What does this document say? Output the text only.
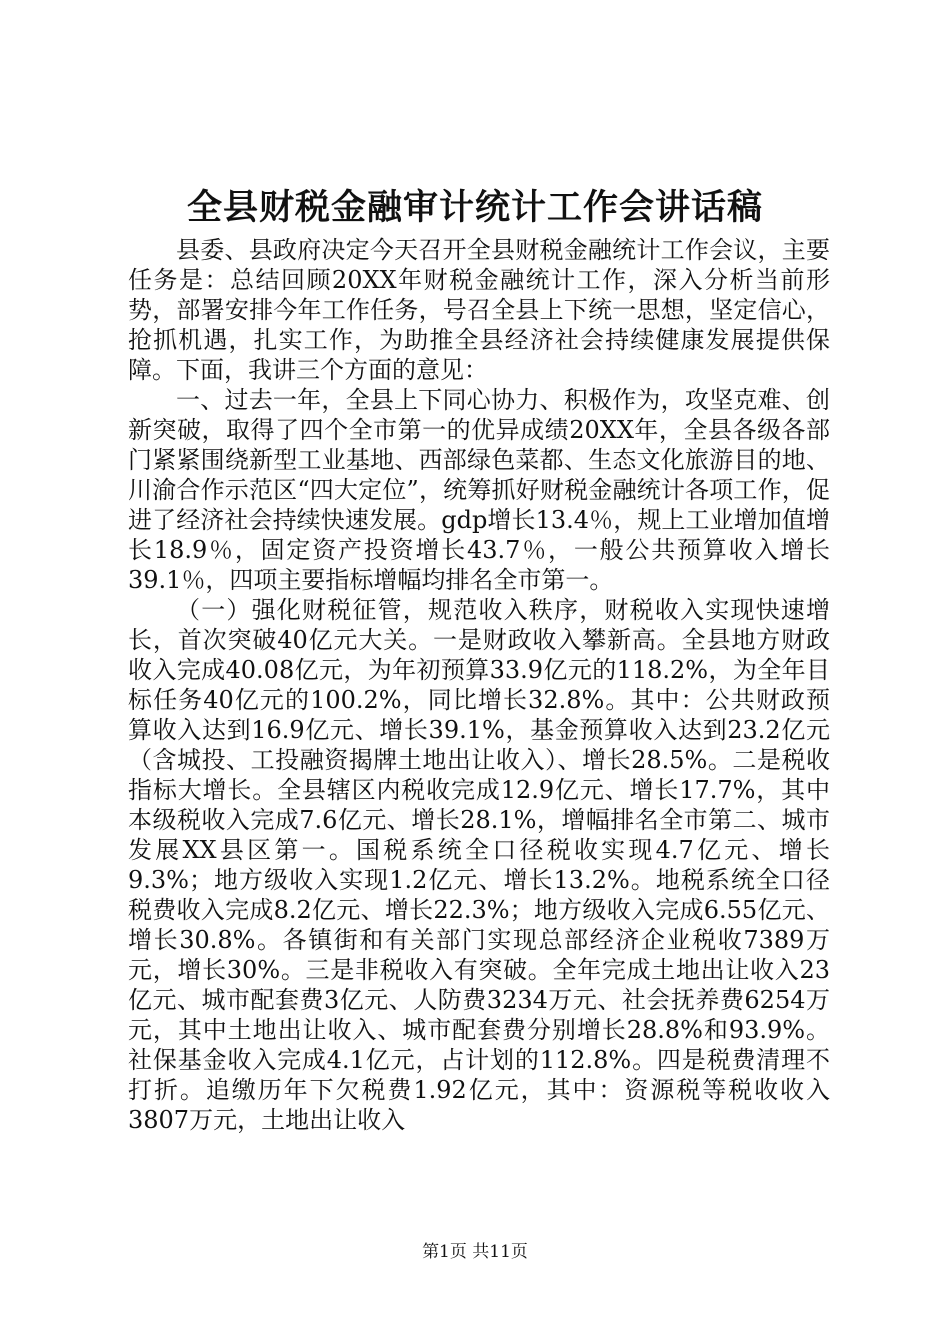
全县财税金融审计统计工作会讲话稿

县委、县政府决定今天召开全县财税金融统计工作会议，主要任务是：总结回顾20XX年财税金融统计工作，深入分析当前形势，部署安排今年工作任务，号召全县上下统一思想，坚定信心，抢抓机遇，扎实工作，为助推全县经济社会持续健康发展提供保障。下面，我讲三个方面的意见：

一、过去一年，全县上下同心协力、积极作为，攻坚克难、创新突破，取得了四个全市第一的优异成绩20XX年，全县各级各部门紧紧围绕新型工业基地、西部绿色菜都、生态文化旅游目的地、川渝合作示范区“四大定位”，统筹抓好财税金融统计各项工作，促进了经济社会持续快速发展。gdp增长13.4％，规上工业增加值增长18.9％，固定资产投资增长43.7％，一般公共预算收入增长39.1％，四项主要指标增幅均排名全市第一。

（一）强化财税征管，规范收入秩序，财税收入实现快速增长，首次突破40亿元大关。一是财政收入攀新高。全县地方财政收入完成40.08亿元，为年初预算33.9亿元的118.2%，为全年目标任务40亿元的100.2%，同比增长32.8%。其中：公共财政预算收入达到16.9亿元、增长39.1%，基金预算收入达到23.2亿元（含城投、工投融资揭牌土地出让收入）、增长28.5%。二是税收指标大增长。全县辖区内税收完成12.9亿元、增长17.7%，其中本级税收入完成7.6亿元、增长28.1%，增幅排名全市第二、城市发展XX县区第一。国税系统全口径税收实现4.7亿元、增长9.3%；地方级收入实现1.2亿元、增长13.2%。地税系统全口径税费收入完成8.2亿元、增长22.3%；地方级收入完成6.55亿元、增长30.8%。各镇街和有关部门实现总部经济企业税收7389万元，增长30%。三是非税收入有突破。全年完成土地出让收入23亿元、城市配套费3亿元、人防费3234万元、社会抚养费6254万元，其中土地出让收入、城市配套费分别增长28.8%和93.9%。社保基金收入完成4.1亿元，占计划的112.8%。四是税费清理不打折。追缴历年下欠税费1.92亿元，其中：资源税等税收收入3807万元，土地出让收入

第1页 共11页
